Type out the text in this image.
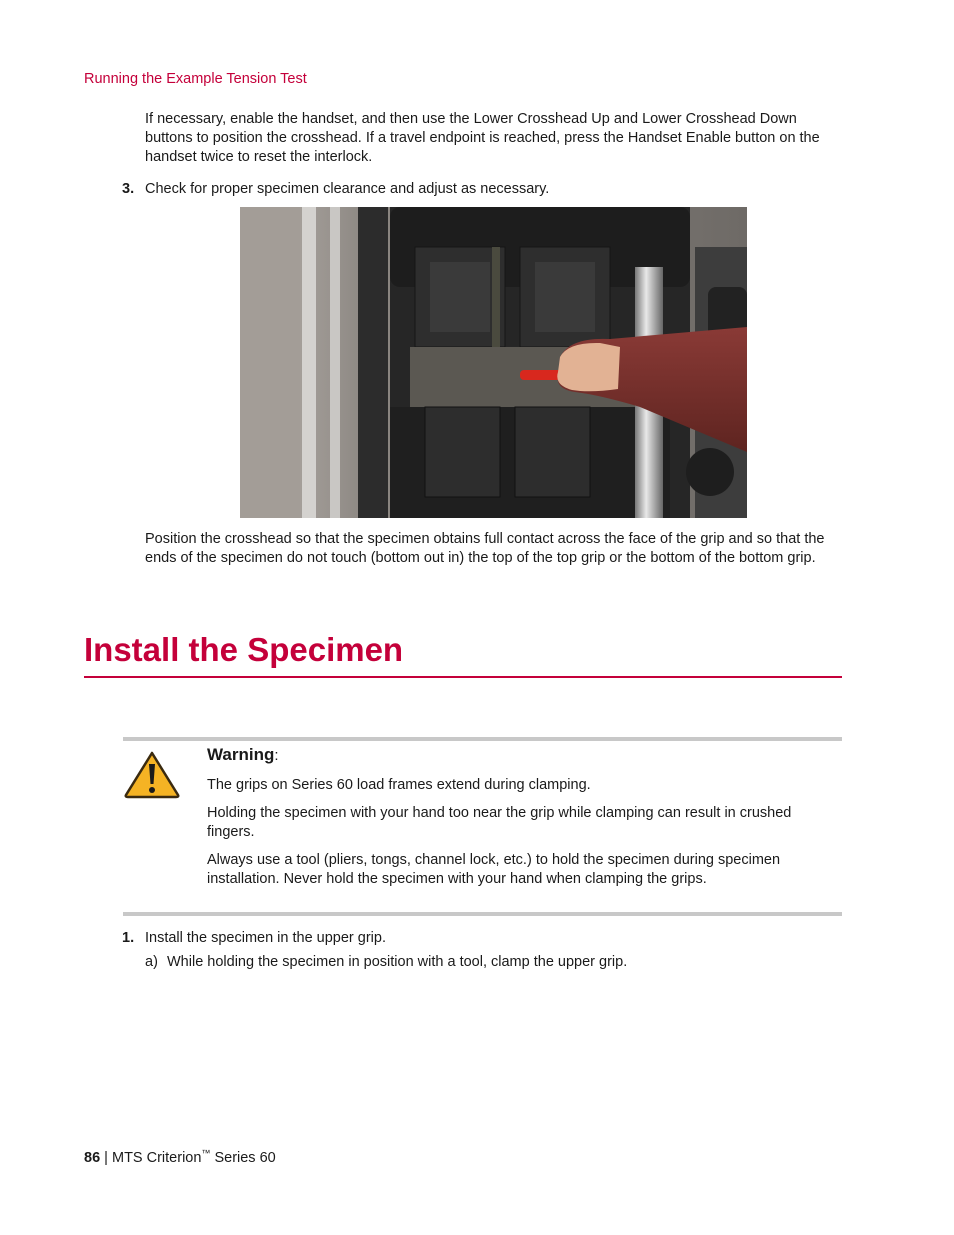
Running the Example Tension Test
If necessary, enable the handset, and then use the Lower Crosshead Up and Lower Crosshead Down buttons to position the crosshead. If a travel endpoint is reached, press the Handset Enable button on the handset twice to reset the interlock.
3. Check for proper specimen clearance and adjust as necessary.
Position the crosshead so that the specimen obtains full contact across the face of the grip and so that the ends of the specimen do not touch (bottom out in) the top of the top grip or the bottom of the bottom grip.
Install the Specimen
Warning:
The grips on Series 60 load frames extend during clamping.
Holding the specimen with your hand too near the grip while clamping can result in crushed fingers.
Always use a tool (pliers, tongs, channel lock, etc.) to hold the specimen during specimen installation. Never hold the specimen with your hand when clamping the grips.
1. Install the specimen in the upper grip.
a) While holding the specimen in position with a tool, clamp the upper grip.
86 | MTS Criterion™ Series 60
